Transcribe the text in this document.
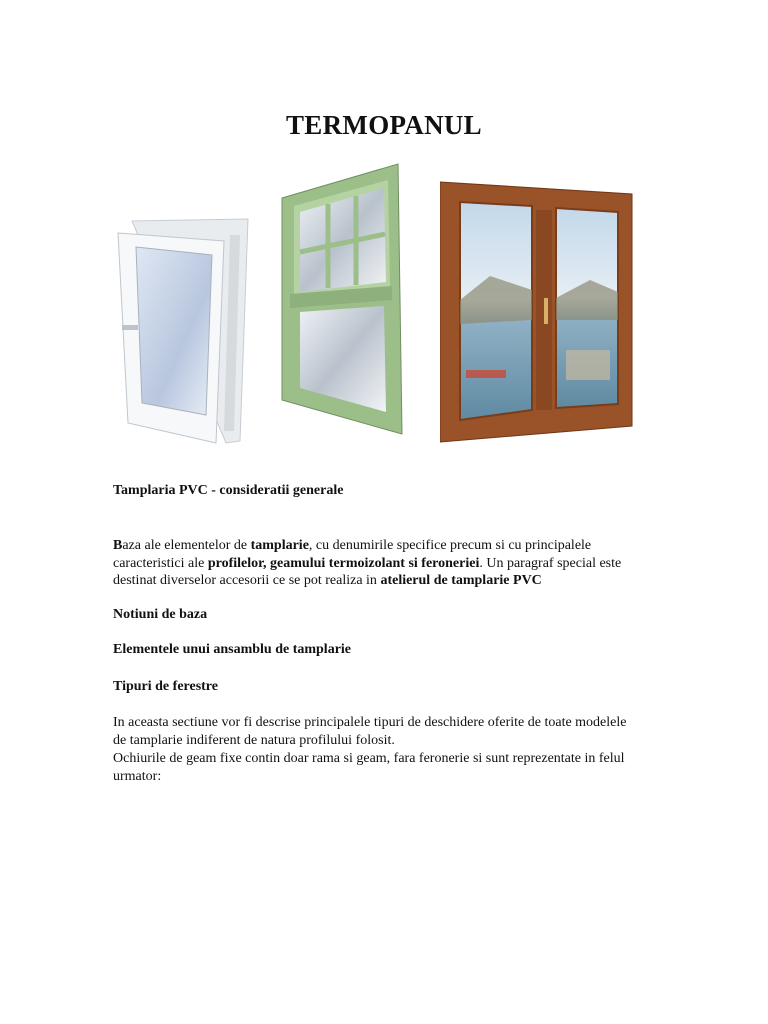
TERMOPANUL
Tamplaria PVC - consideratii generale
Baza ale elementelor de tamplarie, cu denumirile specifice precum si cu principalele caracteristici ale profilelor, geamului termoizolant si feroneriei. Un paragraf special este destinat diverselor accesorii ce se pot realiza in atelierul de tamplarie PVC
Notiuni de baza
Elementele unui ansamblu de tamplarie
Tipuri de ferestre
In aceasta sectiune vor fi descrise principalele tipuri de deschidere oferite de toate modelele de tamplarie indiferent de natura profilului folosit.
Ochiurile de geam fixe contin doar rama si geam, fara feronerie si sunt reprezentate in felul urmator:
